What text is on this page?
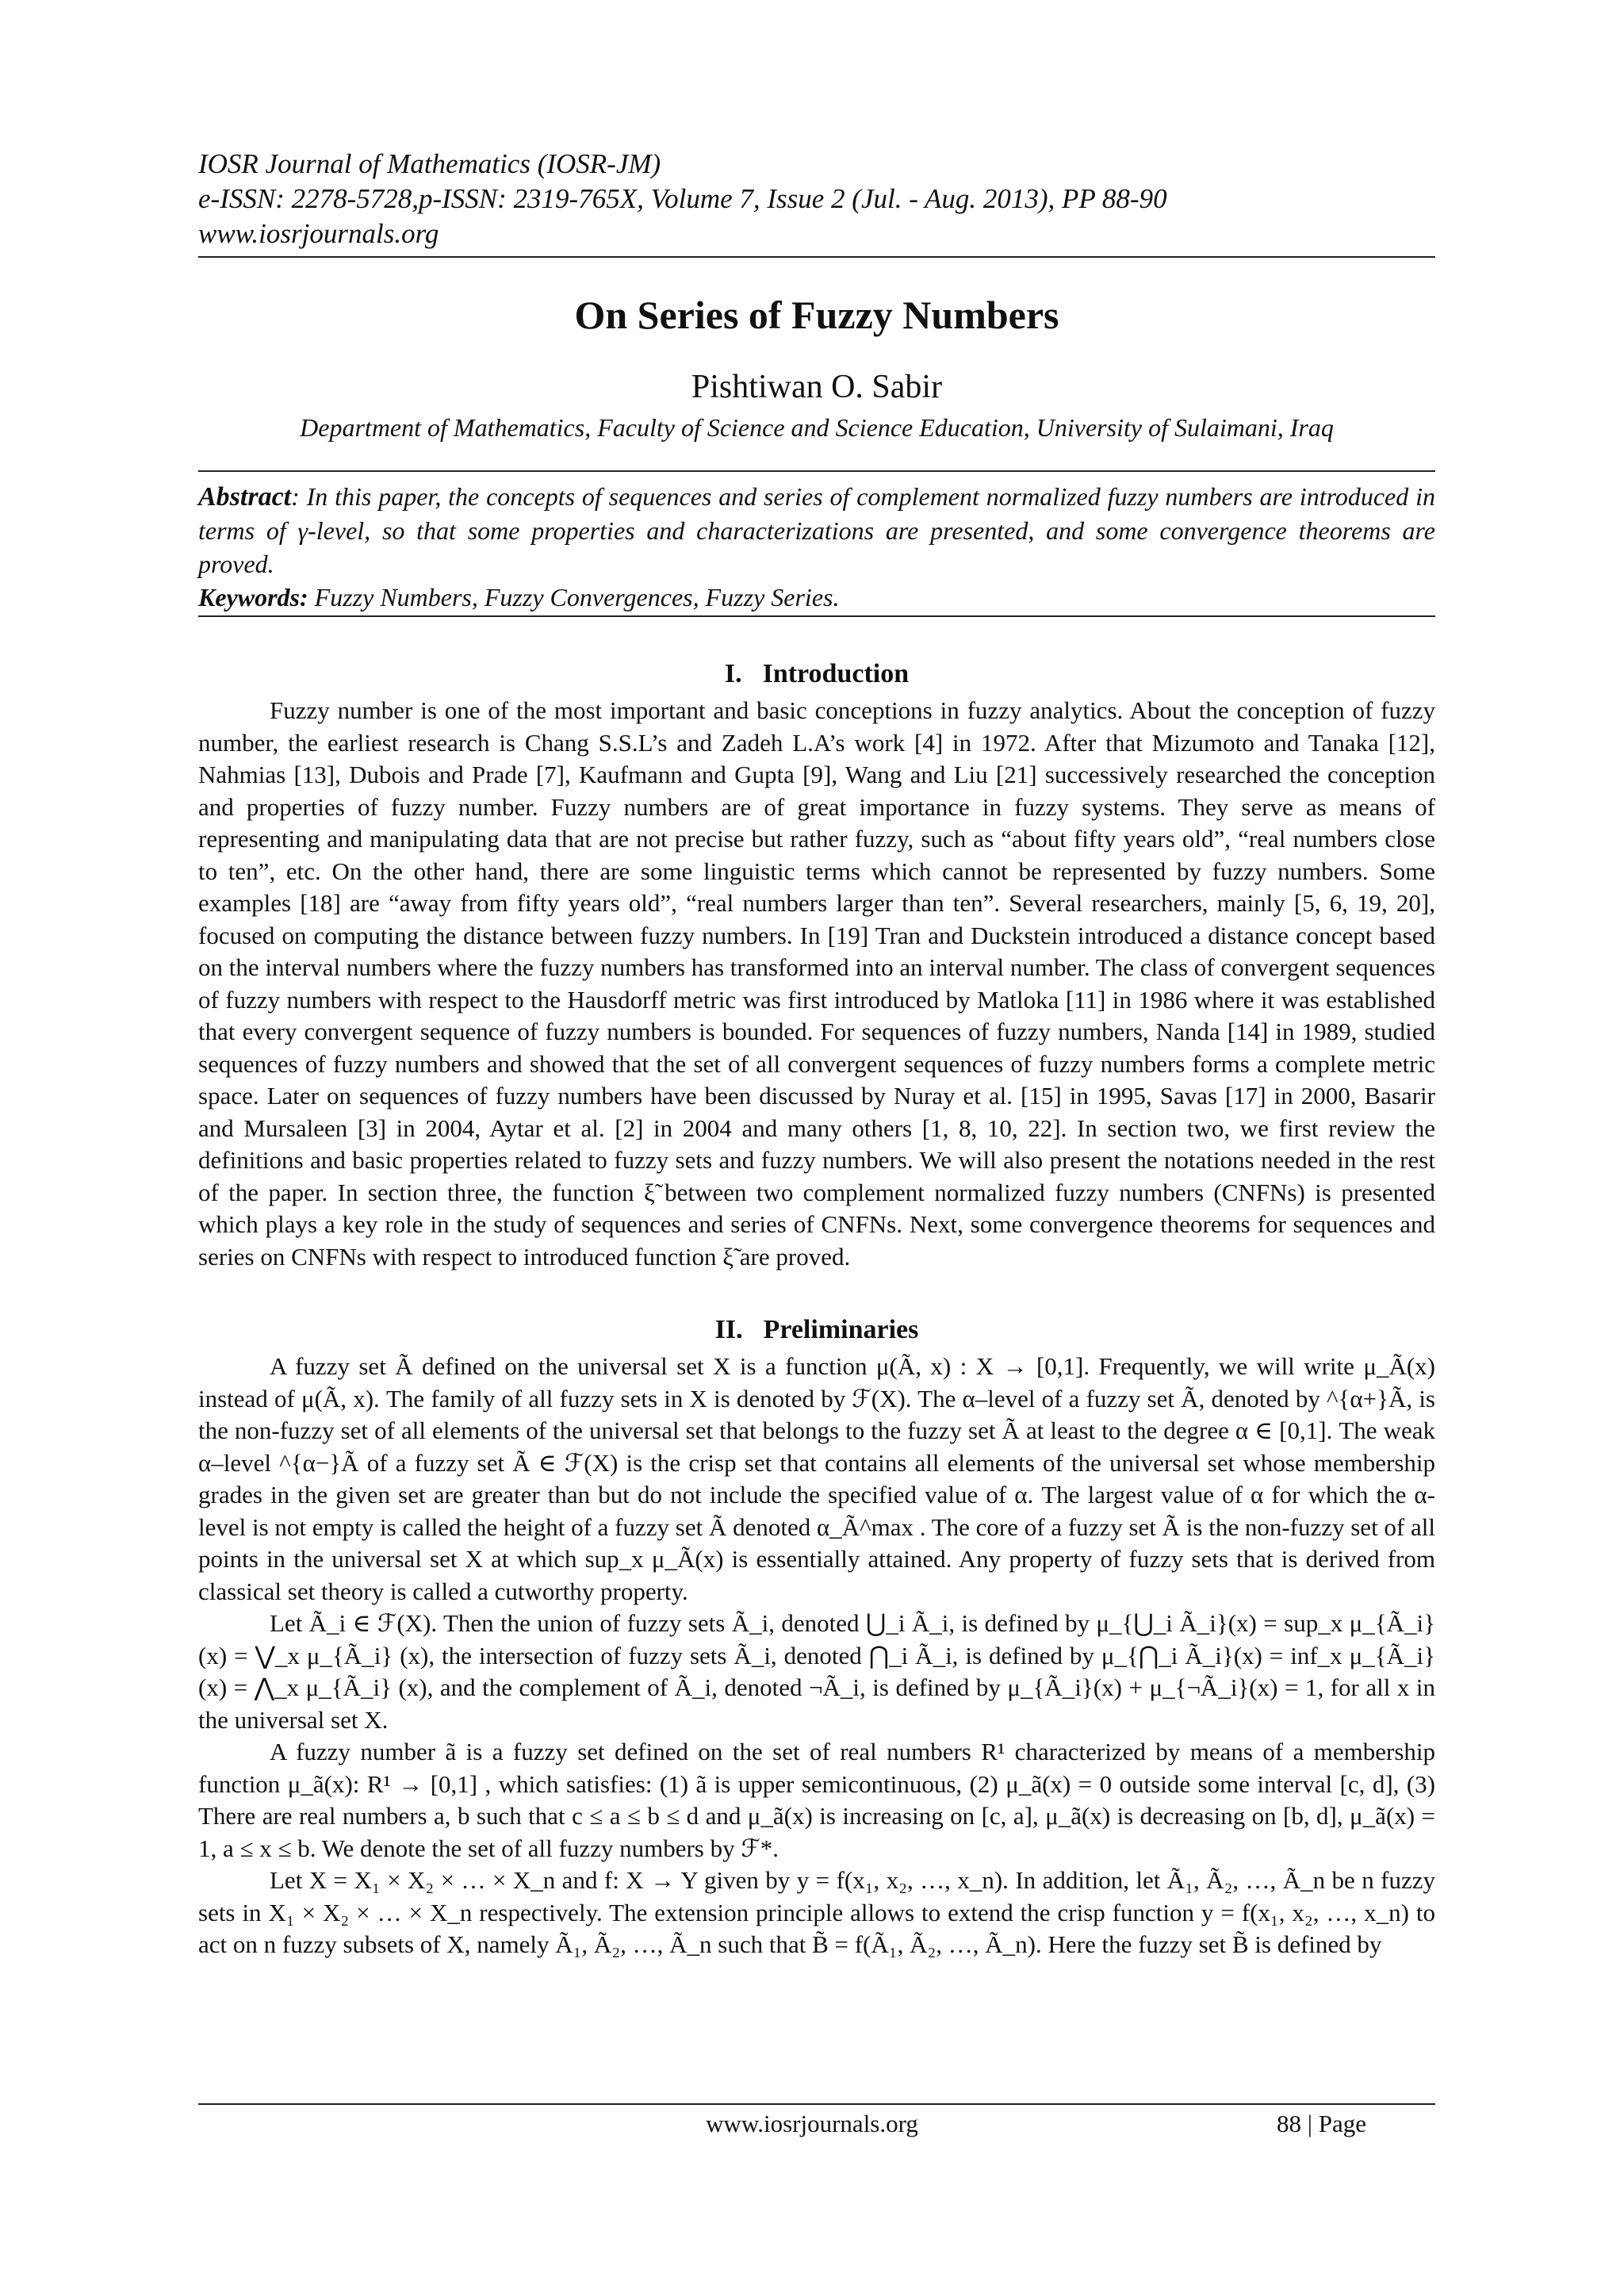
IOSR Journal of Mathematics (IOSR-JM)
e-ISSN: 2278-5728,p-ISSN: 2319-765X, Volume 7, Issue 2 (Jul. - Aug. 2013), PP 88-90
www.iosrjournals.org
On Series of Fuzzy Numbers
Pishtiwan O. Sabir
Department of Mathematics, Faculty of Science and Science Education, University of Sulaimani, Iraq
Abstract: In this paper, the concepts of sequences and series of complement normalized fuzzy numbers are introduced in terms of γ-level, so that some properties and characterizations are presented, and some convergence theorems are proved.
Keywords: Fuzzy Numbers, Fuzzy Convergences, Fuzzy Series.
I. Introduction

Fuzzy number is one of the most important and basic conceptions in fuzzy analytics. About the conception of fuzzy number, the earliest research is Chang S.S.L’s and Zadeh L.A’s work [4] in 1972. After that Mizumoto and Tanaka [12], Nahmias [13], Dubois and Prade [7], Kaufmann and Gupta [9], Wang and Liu [21] successively researched the conception and properties of fuzzy number. Fuzzy numbers are of great importance in fuzzy systems. They serve as means of representing and manipulating data that are not precise but rather fuzzy, such as “about fifty years old”, “real numbers close to ten”, etc. On the other hand, there are some linguistic terms which cannot be represented by fuzzy numbers. Some examples [18] are “away from fifty years old”, “real numbers larger than ten”. Several researchers, mainly [5, 6, 19, 20], focused on computing the distance between fuzzy numbers. In [19] Tran and Duckstein introduced a distance concept based on the interval numbers where the fuzzy numbers has transformed into an interval number. The class of convergent sequences of fuzzy numbers with respect to the Hausdorff metric was first introduced by Matloka [11] in 1986 where it was established that every convergent sequence of fuzzy numbers is bounded. For sequences of fuzzy numbers, Nanda [14] in 1989, studied sequences of fuzzy numbers and showed that the set of all convergent sequences of fuzzy numbers forms a complete metric space. Later on sequences of fuzzy numbers have been discussed by Nuray et al. [15] in 1995, Savas [17] in 2000, Basarir and Mursaleen [3] in 2004, Aytar et al. [2] in 2004 and many others [1, 8, 10, 22]. In section two, we first review the definitions and basic properties related to fuzzy sets and fuzzy numbers. We will also present the notations needed in the rest of the paper. In section three, the function ξ̃ between two complement normalized fuzzy numbers (CNFNs) is presented which plays a key role in the study of sequences and series of CNFNs. Next, some convergence theorems for sequences and series on CNFNs with respect to introduced function ξ̃ are proved.

II. Preliminaries

A fuzzy set Ã defined on the universal set X is a function μ(Ã, x) : X → [0,1]. Frequently, we will write μ_Ã(x) instead of μ(Ã, x). The family of all fuzzy sets in X is denoted by ℱ(X). The α–level of a fuzzy set Ã, denoted by ^{α+}Ã, is the non-fuzzy set of all elements of the universal set that belongs to the fuzzy set Ã at least to the degree α ∈ [0,1]. The weak α–level ^{α−}Ã of a fuzzy set Ã ∈ ℱ(X) is the crisp set that contains all elements of the universal set whose membership grades in the given set are greater than but do not include the specified value of α. The largest value of α for which the α-level is not empty is called the height of a fuzzy set Ã denoted α_Ã^max . The core of a fuzzy set Ã is the non-fuzzy set of all points in the universal set X at which sup_x μ_Ã(x) is essentially attained. Any property of fuzzy sets that is derived from classical set theory is called a cutworthy property.

Let Ã_i ∈ ℱ(X). Then the union of fuzzy sets Ã_i, denoted ⋃_i Ã_i, is defined by μ_{⋃_i Ã_i}(x) = sup_x μ_{Ã_i} (x) = ⋁_x μ_{Ã_i} (x), the intersection of fuzzy sets Ã_i, denoted ⋂_i Ã_i, is defined by μ_{⋂_i Ã_i}(x) = inf_x μ_{Ã_i} (x) = ⋀_x μ_{Ã_i} (x), and the complement of Ã_i, denoted ¬Ã_i, is defined by μ_{Ã_i}(x) + μ_{¬Ã_i}(x) = 1, for all x in the universal set X.

A fuzzy number ã is a fuzzy set defined on the set of real numbers R¹ characterized by means of a membership function μ_ã(x): R¹ → [0,1] , which satisfies: (1) ã is upper semicontinuous, (2) μ_ã(x) = 0 outside some interval [c, d], (3) There are real numbers a, b such that c ≤ a ≤ b ≤ d and μ_ã(x) is increasing on [c, a], μ_ã(x) is decreasing on [b, d], μ_ã(x) = 1, a ≤ x ≤ b. We denote the set of all fuzzy numbers by ℱ*.

Let X = X₁ × X₂ × … × X_n and f: X → Y given by y = f(x₁, x₂, …, x_n). In addition, let Ã₁, Ã₂, …, Ã_n be n fuzzy sets in X₁ × X₂ × … × X_n respectively. The extension principle allows to extend the crisp function y = f(x₁, x₂, …, x_n) to act on n fuzzy subsets of X, namely Ã₁, Ã₂, …, Ã_n such that B̃ = f(Ã₁, Ã₂, …, Ã_n). Here the fuzzy set B̃ is defined by

www.iosrjournals.org	88 | Page
